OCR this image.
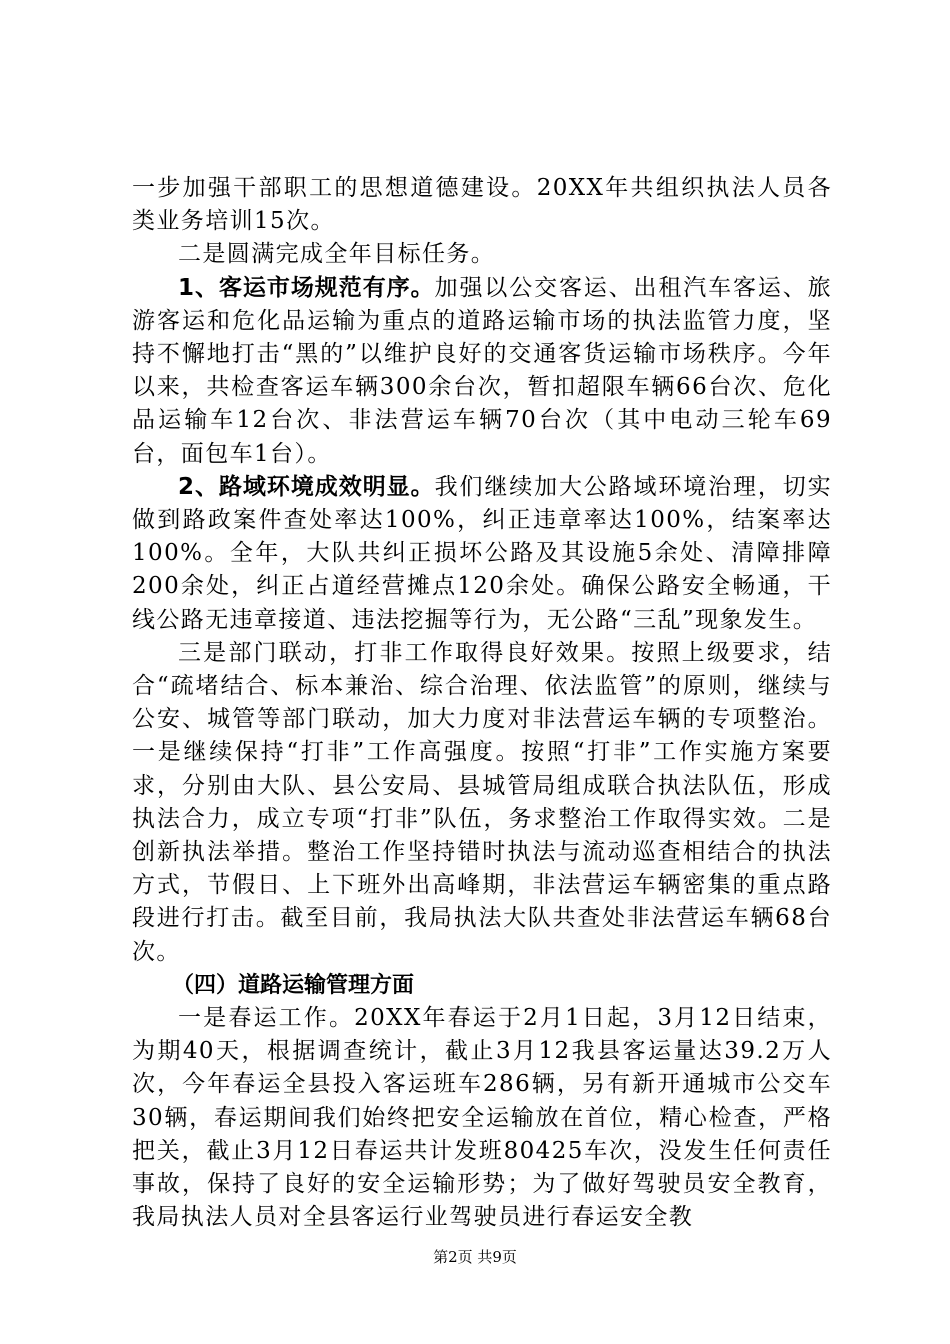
一步加强干部职工的思想道德建设。20XX年共组织执法人员各类业务培训15次。

二是圆满完成全年目标任务。

1、客运市场规范有序。加强以公交客运、出租汽车客运、旅游客运和危化品运输为重点的道路运输市场的执法监管力度，坚持不懈地打击“黑的”以维护良好的交通客货运输市场秩序。今年以来，共检查客运车辆300余台次，暂扣超限车辆66台次、危化品运输车12台次、非法营运车辆70台次（其中电动三轮车69台，面包车1台）。

2、路域环境成效明显。我们继续加大公路域环境治理，切实做到路政案件查处率达100%，纠正违章率达100%，结案率达100%。全年，大队共纠正损坏公路及其设施5余处、清障排障200余处，纠正占道经营摊点120余处。确保公路安全畅通，干线公路无违章接道、违法挖掘等行为，无公路“三乱”现象发生。

三是部门联动，打非工作取得良好效果。按照上级要求，结合“疏堵结合、标本兼治、综合治理、依法监管”的原则，继续与公安、城管等部门联动，加大力度对非法营运车辆的专项整治。一是继续保持“打非”工作高强度。按照“打非”工作实施方案要求，分别由大队、县公安局、县城管局组成联合执法队伍，形成执法合力，成立专项“打非”队伍，务求整治工作取得实效。二是创新执法举措。整治工作坚持错时执法与流动巡查相结合的执法方式，节假日、上下班外出高峰期，非法营运车辆密集的重点路段进行打击。截至目前，我局执法大队共查处非法营运车辆68台次。

（四）道路运输管理方面

一是春运工作。20XX年春运于2月1日起，3月12日结束，为期40天，根据调查统计，截止3月12我县客运量达39.2万人次，今年春运全县投入客运班车286辆，另有新开通城市公交车30辆，春运期间我们始终把安全运输放在首位，精心检查，严格把关，截止3月12日春运共计发班80425车次，没发生任何责任事故，保持了良好的安全运输形势；为了做好驾驶员安全教育，我局执法人员对全县客运行业驾驶员进行春运安全教

第2页 共9页
